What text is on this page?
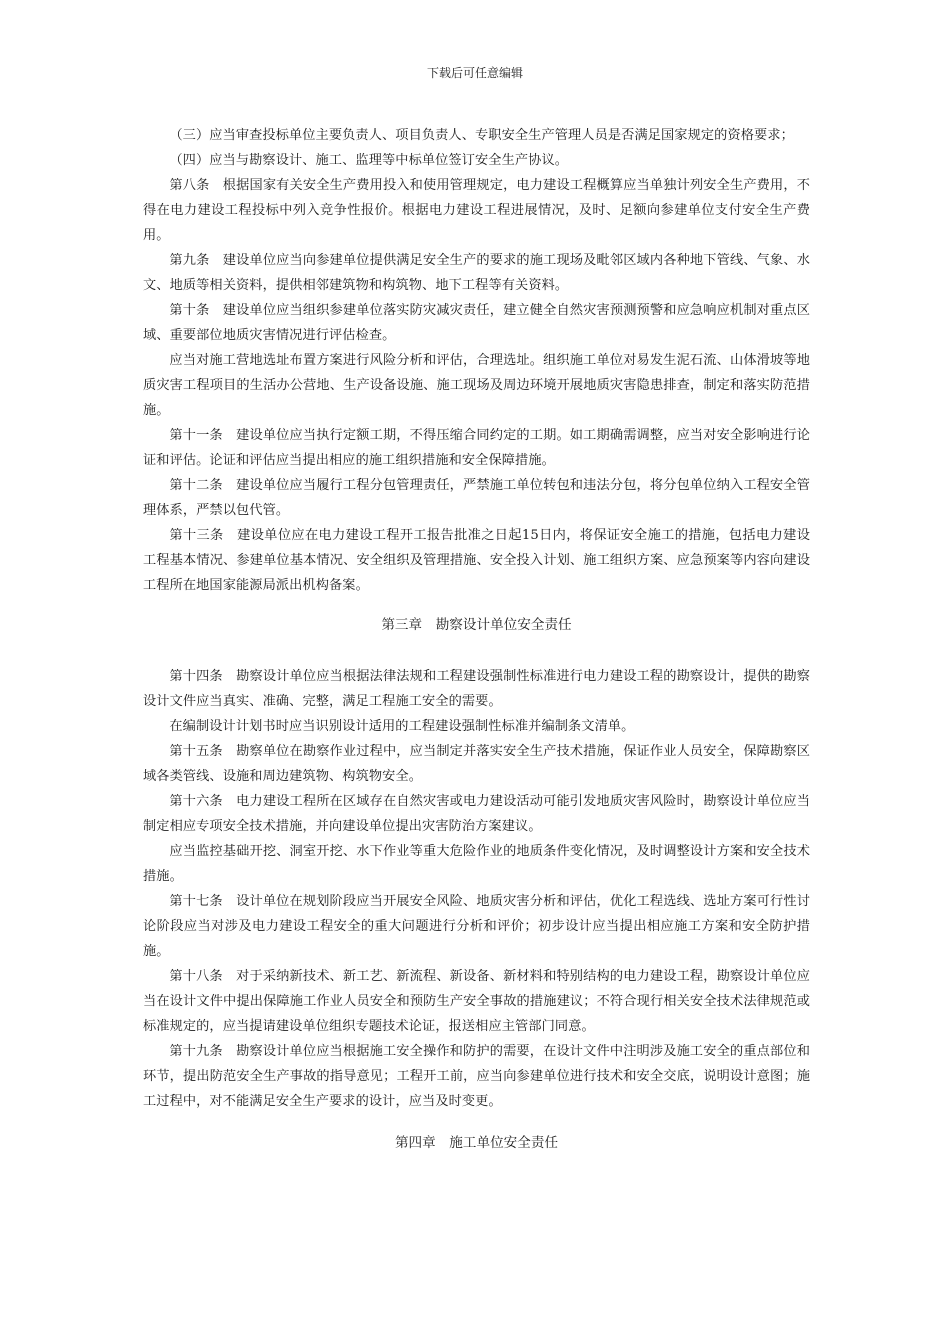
下载后可任意编辑

（三）应当审查投标单位主要负责人、项目负责人、专职安全生产管理人员是否满足国家规定的资格要求；

（四）应当与勘察设计、施工、监理等中标单位签订安全生产协议。

第八条　根据国家有关安全生产费用投入和使用管理规定，电力建设工程概算应当单独计列安全生产费用，不得在电力建设工程投标中列入竞争性报价。根据电力建设工程进展情况，及时、足额向参建单位支付安全生产费用。

第九条　建设单位应当向参建单位提供满足安全生产的要求的施工现场及毗邻区域内各种地下管线、气象、水文、地质等相关资料，提供相邻建筑物和构筑物、地下工程等有关资料。

第十条　建设单位应当组织参建单位落实防灾减灾责任，建立健全自然灾害预测预警和应急响应机制对重点区域、重要部位地质灾害情况进行评估检查。

应当对施工营地选址布置方案进行风险分析和评估，合理选址。组织施工单位对易发生泥石流、山体滑坡等地质灾害工程项目的生活办公营地、生产设备设施、施工现场及周边环境开展地质灾害隐患排查，制定和落实防范措施。

第十一条　建设单位应当执行定额工期，不得压缩合同约定的工期。如工期确需调整，应当对安全影响进行论证和评估。论证和评估应当提出相应的施工组织措施和安全保障措施。

第十二条　建设单位应当履行工程分包管理责任，严禁施工单位转包和违法分包，将分包单位纳入工程安全管理体系，严禁以包代管。

第十三条　建设单位应在电力建设工程开工报告批准之日起15日内，将保证安全施工的措施，包括电力建设工程基本情况、参建单位基本情况、安全组织及管理措施、安全投入计划、施工组织方案、应急预案等内容向建设工程所在地国家能源局派出机构备案。

第三章　勘察设计单位安全责任

第十四条　勘察设计单位应当根据法律法规和工程建设强制性标准进行电力建设工程的勘察设计，提供的勘察设计文件应当真实、准确、完整，满足工程施工安全的需要。

在编制设计计划书时应当识别设计适用的工程建设强制性标准并编制条文清单。

第十五条　勘察单位在勘察作业过程中，应当制定并落实安全生产技术措施，保证作业人员安全，保障勘察区域各类管线、设施和周边建筑物、构筑物安全。

第十六条　电力建设工程所在区域存在自然灾害或电力建设活动可能引发地质灾害风险时，勘察设计单位应当制定相应专项安全技术措施，并向建设单位提出灾害防治方案建议。

应当监控基础开挖、洞室开挖、水下作业等重大危险作业的地质条件变化情况，及时调整设计方案和安全技术措施。

第十七条　设计单位在规划阶段应当开展安全风险、地质灾害分析和评估，优化工程选线、选址方案可行性讨论阶段应当对涉及电力建设工程安全的重大问题进行分析和评价；初步设计应当提出相应施工方案和安全防护措施。

第十八条　对于采纳新技术、新工艺、新流程、新设备、新材料和特别结构的电力建设工程，勘察设计单位应当在设计文件中提出保障施工作业人员安全和预防生产安全事故的措施建议；不符合现行相关安全技术法律规范或标准规定的，应当提请建设单位组织专题技术论证，报送相应主管部门同意。

第十九条　勘察设计单位应当根据施工安全操作和防护的需要，在设计文件中注明涉及施工安全的重点部位和环节，提出防范安全生产事故的指导意见；工程开工前，应当向参建单位进行技术和安全交底，说明设计意图；施工过程中，对不能满足安全生产要求的设计，应当及时变更。

第四章　施工单位安全责任
